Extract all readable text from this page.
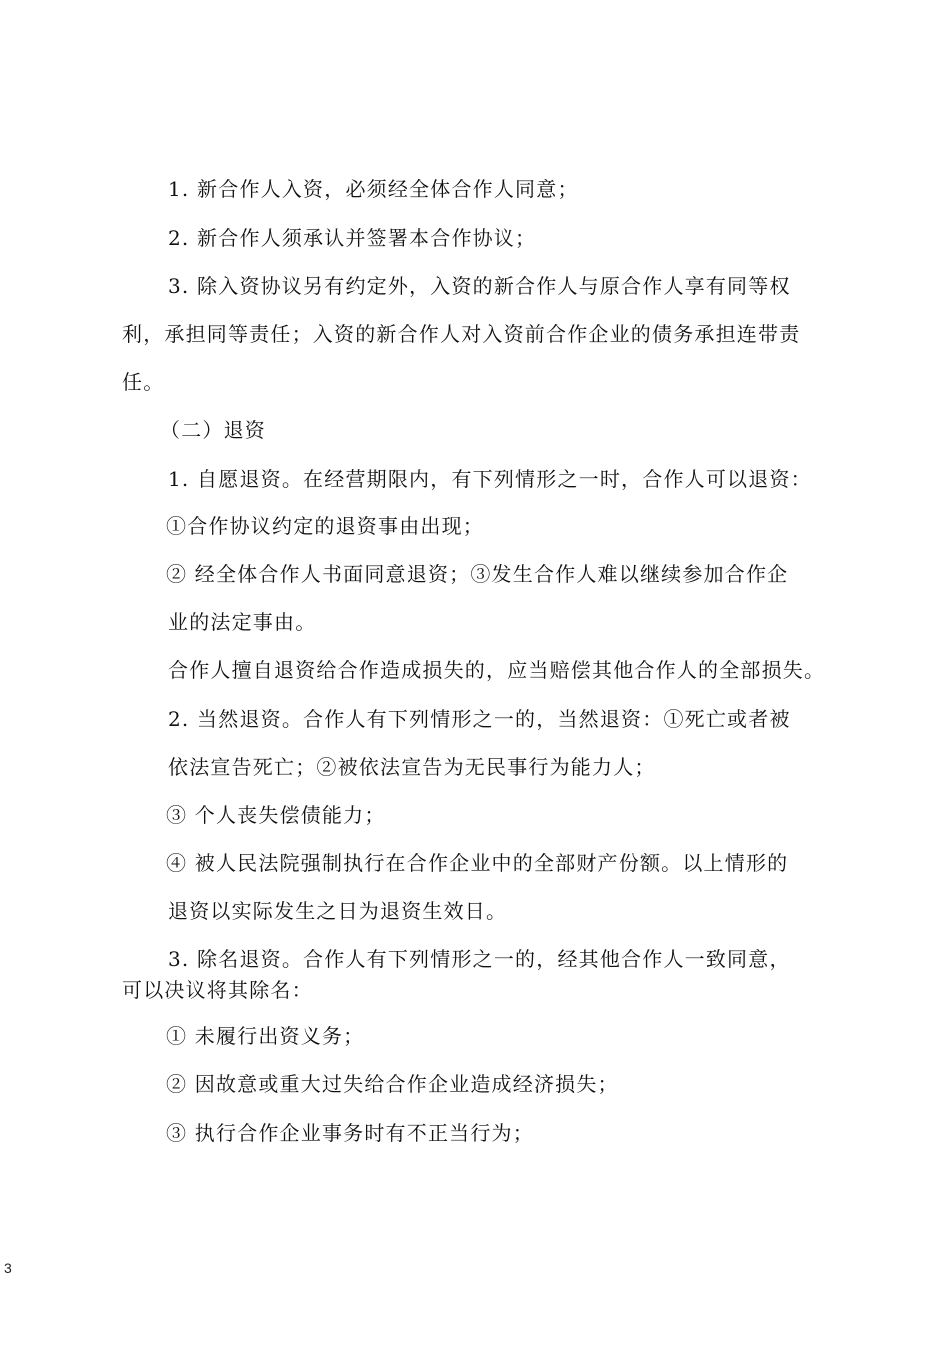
1. 新合作人入资，必须经全体合作人同意；
2. 新合作人须承认并签署本合作协议；
3. 除入资协议另有约定外，入资的新合作人与原合作人享有同等权
利，承担同等责任；入资的新合作人对入资前合作企业的债务承担连带责
任。
（二）退资
1. 自愿退资。在经营期限内，有下列情形之一时，合作人可以退资：
①合作协议约定的退资事由出现；
② 经全体合作人书面同意退资；③发生合作人难以继续参加合作企
业的法定事由。
合作人擅自退资给合作造成损失的，应当赔偿其他合作人的全部损失。
2. 当然退资。合作人有下列情形之一的，当然退资：①死亡或者被
依法宣告死亡；②被依法宣告为无民事行为能力人；
③ 个人丧失偿债能力；
④ 被人民法院强制执行在合作企业中的全部财产份额。以上情形的
退资以实际发生之日为退资生效日。
3. 除名退资。合作人有下列情形之一的，经其他合作人一致同意，
可以决议将其除名：
① 未履行出资义务；
② 因故意或重大过失给合作企业造成经济损失；
③ 执行合作企业事务时有不正当行为；
3
